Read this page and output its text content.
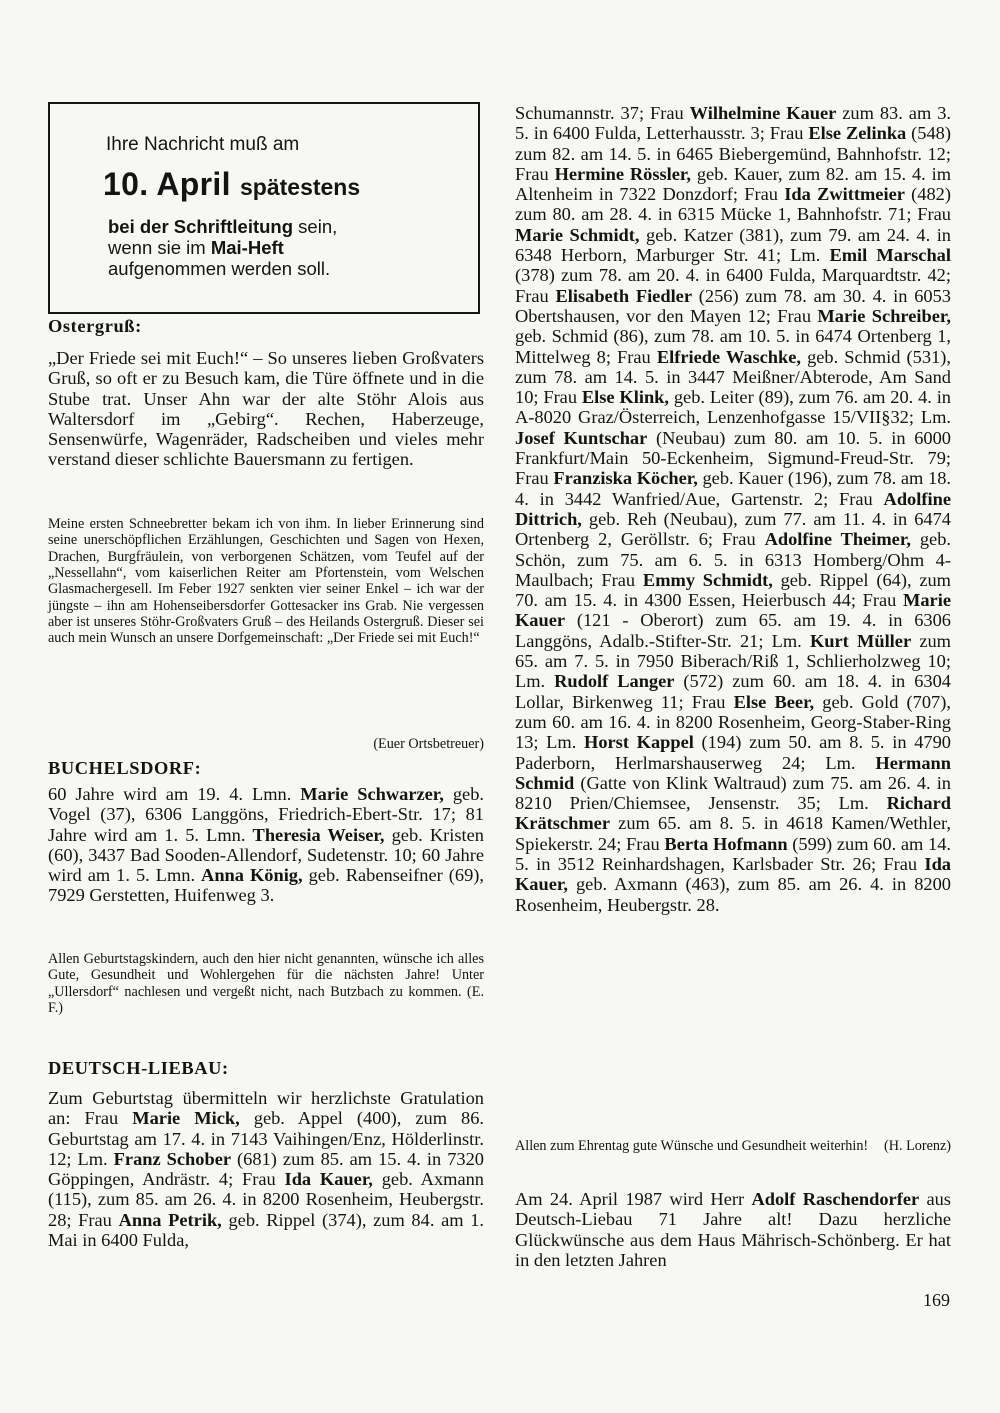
Ihre Nachricht muß am
10. April spätestens
bei der Schriftleitung sein,
wenn sie im Mai-Heft
aufgenommen werden soll.

Ostergruß:

„Der Friede sei mit Euch!“ – So unseres lieben Großvaters Gruß, so oft er zu Besuch kam, die Türe öffnete und in die Stube trat. Unser Ahn war der alte Stöhr Alois aus Waltersdorf im „Gebirg“. Rechen, Haberzeuge, Sensenwürfe, Wagenräder, Radscheiben und vieles mehr verstand dieser schlichte Bauersmann zu fertigen.

Meine ersten Schneebretter bekam ich von ihm. In lieber Erinnerung sind seine unerschöpflichen Erzählungen, Geschichten und Sagen von Hexen, Drachen, Burgfräulein, von verborgenen Schätzen, vom Teufel auf der „Nessellahn“, vom kaiserlichen Reiter am Pfortenstein, vom Welschen Glasmachergesell. Im Feber 1927 senkten vier seiner Enkel – ich war der jüngste – ihn am Hohenseibersdorfer Gottesacker ins Grab. Nie vergessen aber ist unseres Stöhr-Großvaters Gruß – des Heilands Ostergruß. Dieser sei auch mein Wunsch an unsere Dorfgemeinschaft: „Der Friede sei mit Euch!“

(Euer Ortsbetreuer)

BUCHELSDORF:

60 Jahre wird am 19. 4. Lmn. Marie Schwarzer, geb. Vogel (37), 6306 Langgöns, Friedrich-Ebert-Str. 17; 81 Jahre wird am 1. 5. Lmn. Theresia Weiser, geb. Kristen (60), 3437 Bad Sooden-Allendorf, Sudetenstr. 10; 60 Jahre wird am 1. 5. Lmn. Anna König, geb. Rabenseifner (69), 7929 Gerstetten, Huifenweg 3.

Allen Geburtstagskindern, auch den hier nicht genannten, wünsche ich alles Gute, Gesundheit und Wohlergehen für die nächsten Jahre! Unter „Ullersdorf“ nachlesen und vergeßt nicht, nach Butzbach zu kommen. (E. F.)

DEUTSCH-LIEBAU:

Zum Geburtstag übermitteln wir herzlichste Gratulation an: Frau Marie Mick, geb. Appel (400), zum 86. Geburtstag am 17. 4. in 7143 Vaihingen/Enz, Hölderlinstr. 12; Lm. Franz Schober (681) zum 85. am 15. 4. in 7320 Göppingen, Andrästr. 4; Frau Ida Kauer, geb. Axmann (115), zum 85. am 26. 4. in 8200 Rosenheim, Heubergstr. 28; Frau Anna Petrik, geb. Rippel (374), zum 84. am 1. Mai in 6400 Fulda,

Schumannstr. 37; Frau Wilhelmine Kauer zum 83. am 3. 5. in 6400 Fulda, Letterhausstr. 3; Frau Else Zelinka (548) zum 82. am 14. 5. in 6465 Biebergemünd, Bahnhofstr. 12; Frau Hermine Rössler, geb. Kauer, zum 82. am 15. 4. im Altenheim in 7322 Donzdorf; Frau Ida Zwittmeier (482) zum 80. am 28. 4. in 6315 Mücke 1, Bahnhofstr. 71; Frau Marie Schmidt, geb. Katzer (381), zum 79. am 24. 4. in 6348 Herborn, Marburger Str. 41; Lm. Emil Marschal (378) zum 78. am 20. 4. in 6400 Fulda, Marquardtstr. 42; Frau Elisabeth Fiedler (256) zum 78. am 30. 4. in 6053 Obertshausen, vor den Mayen 12; Frau Marie Schreiber, geb. Schmid (86), zum 78. am 10. 5. in 6474 Ortenberg 1, Mittelweg 8; Frau Elfriede Waschke, geb. Schmid (531), zum 78. am 14. 5. in 3447 Meißner/Abterode, Am Sand 10; Frau Else Klink, geb. Leiter (89), zum 76. am 20. 4. in A-8020 Graz/Österreich, Lenzenhofgasse 15/VII§32; Lm. Josef Kuntschar (Neubau) zum 80. am 10. 5. in 6000 Frankfurt/Main 50-Eckenheim, Sigmund-Freud-Str. 79; Frau Franziska Köcher, geb. Kauer (196), zum 78. am 18. 4. in 3442 Wanfried/Aue, Gartenstr. 2; Frau Adolfine Dittrich, geb. Reh (Neubau), zum 77. am 11. 4. in 6474 Ortenberg 2, Geröllstr. 6; Frau Adolfine Theimer, geb. Schön, zum 75. am 6. 5. in 6313 Homberg/Ohm 4-Maulbach; Frau Emmy Schmidt, geb. Rippel (64), zum 70. am 15. 4. in 4300 Essen, Heierbusch 44; Frau Marie Kauer (121 - Oberort) zum 65. am 19. 4. in 6306 Langgöns, Adalb.-Stifter-Str. 21; Lm. Kurt Müller zum 65. am 7. 5. in 7950 Biberach/Riß 1, Schlierholzweg 10; Lm. Rudolf Langer (572) zum 60. am 18. 4. in 6304 Lollar, Birkenweg 11; Frau Else Beer, geb. Gold (707), zum 60. am 16. 4. in 8200 Rosenheim, Georg-Staber-Ring 13; Lm. Horst Kappel (194) zum 50. am 8. 5. in 4790 Paderborn, Herlmarshauserweg 24; Lm. Hermann Schmid (Gatte von Klink Waltraud) zum 75. am 26. 4. in 8210 Prien/Chiemsee, Jensenstr. 35; Lm. Richard Krätschmer zum 65. am 8. 5. in 4618 Kamen/Wethler, Spiekerstr. 24; Frau Berta Hofmann (599) zum 60. am 14. 5. in 3512 Reinhardshagen, Karlsbader Str. 26; Frau Ida Kauer, geb. Axmann (463), zum 85. am 26. 4. in 8200 Rosenheim, Heubergstr. 28.

Allen zum Ehrentag gute Wünsche und Gesundheit weiterhin! (H. Lorenz)

Am 24. April 1987 wird Herr Adolf Raschendorfer aus Deutsch-Liebau 71 Jahre alt! Dazu herzliche Glückwünsche aus dem Haus Mährisch-Schönberg. Er hat in den letzten Jahren

169
